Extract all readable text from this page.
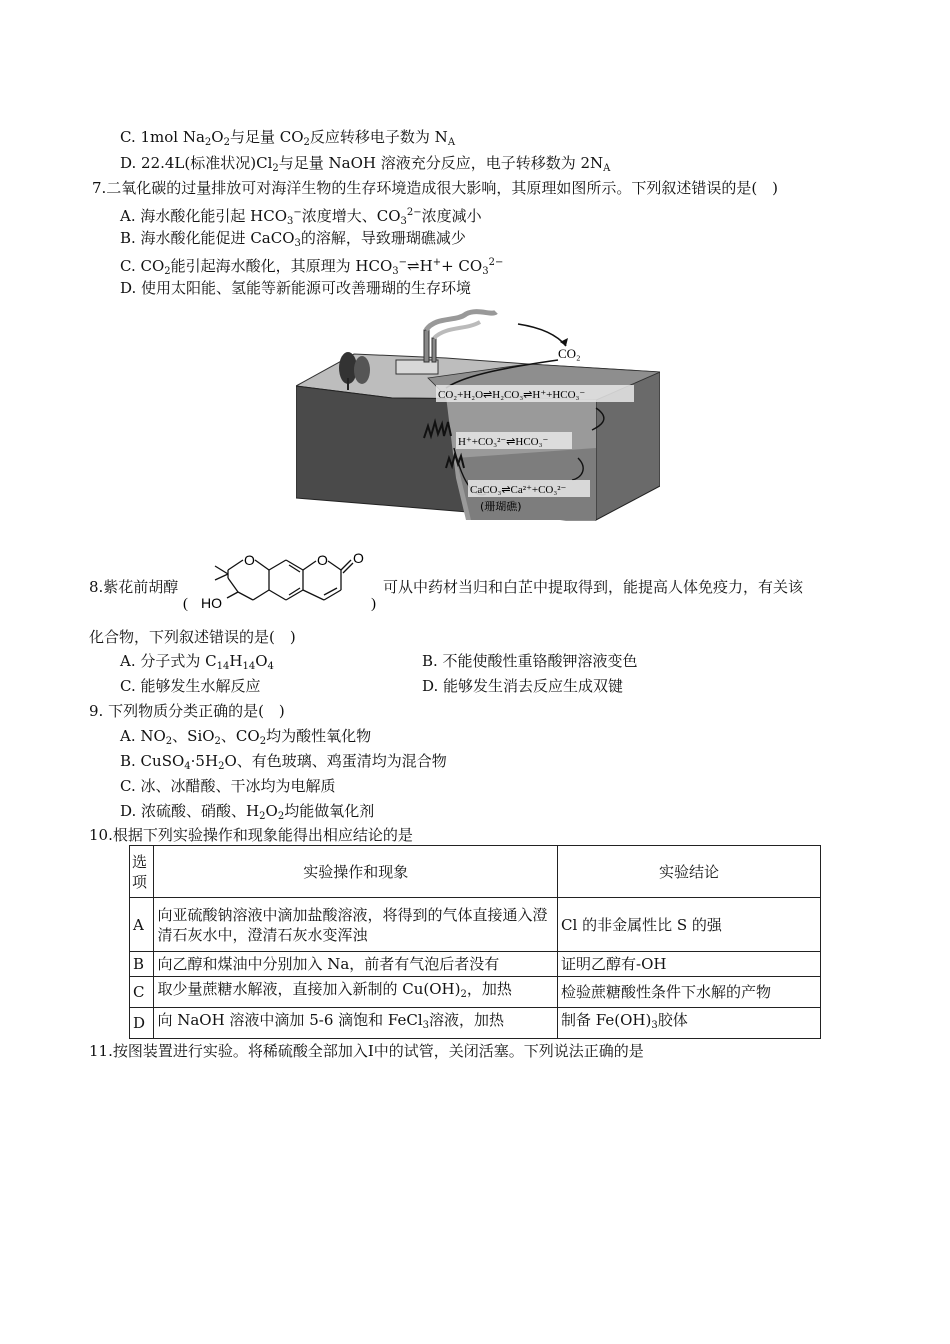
C. 1mol $Na_2O_2$与足量 $CO_2$反应转移电子数为 $N_A$
D. 22.4L(标准状况)$Cl_2$与足量 NaOH 溶液充分反应，电子转移数为 $2N_A$
7.二氧化碳的过量排放可对海洋生物的生存环境造成很大影响，其原理如图所示。下列叙述错误的是(　)
A. 海水酸化能引起 $HCO_3^-$浓度增大、$CO_3^{2-}$浓度减小
B. 海水酸化能促进 CaCO$_3$的溶解，导致珊瑚礁减少
C. $CO_2$能引起海水酸化，其原理为 $HCO_3^-\rightleftharpoons H^++ CO_3^{2-}$
D. 使用太阳能、氢能等新能源可改善珊瑚的生存环境
CO₂
CO₂+H₂O⇌H₂CO₃⇌H⁺+HCO₃⁻
H⁺+CO₃²⁻⇌HCO₃⁻
CaCO₃⇌Ca²⁺+CO₃²⁻
(珊瑚礁)
8.紫花前胡醇
O	O O
HO
(	)
可从中药材当归和白芷中提取得到，能提高人体免疫力，有关该
化合物，下列叙述错误的是(　)
A. 分子式为 $C_{14}H_{14}O_4$	B. 不能使酸性重铬酸钾溶液变色
C. 能够发生水解反应	D. 能够发生消去反应生成双键
9. 下列物质分类正确的是(　)
A. $NO_2$、SiO$_2$、$CO_2$均为酸性氧化物
B. $CuSO_4\cdot 5H_2O$、有色玻璃、鸡蛋清均为混合物
C. 冰、冰醋酸、干冰均为电解质
D. 浓硫酸、硝酸、$H_2O_2$均能做氧化剂
10.根据下列实验操作和现象能得出相应结论的是
选项	实验操作和现象	实验结论
A	向亚硫酸钠溶液中滴加盐酸溶液，将得到的气体直接通入澄清石灰水中，澄清石灰水变浑浊	Cl 的非金属性比 S 的强
B	向乙醇和煤油中分别加入 Na，前者有气泡后者没有	证明乙醇有-OH
C	取少量蔗糖水解液，直接加入新制的 $Cu(OH)_2$，加热	检验蔗糖酸性条件下水解的产物
D	向 NaOH 溶液中滴加 5-6 滴饱和 FeCl$_3$溶液，加热	制备 $Fe(OH)_3$胶体
11.按图装置进行实验。将稀硫酸全部加入Ⅰ中的试管，关闭活塞。下列说法正确的是
